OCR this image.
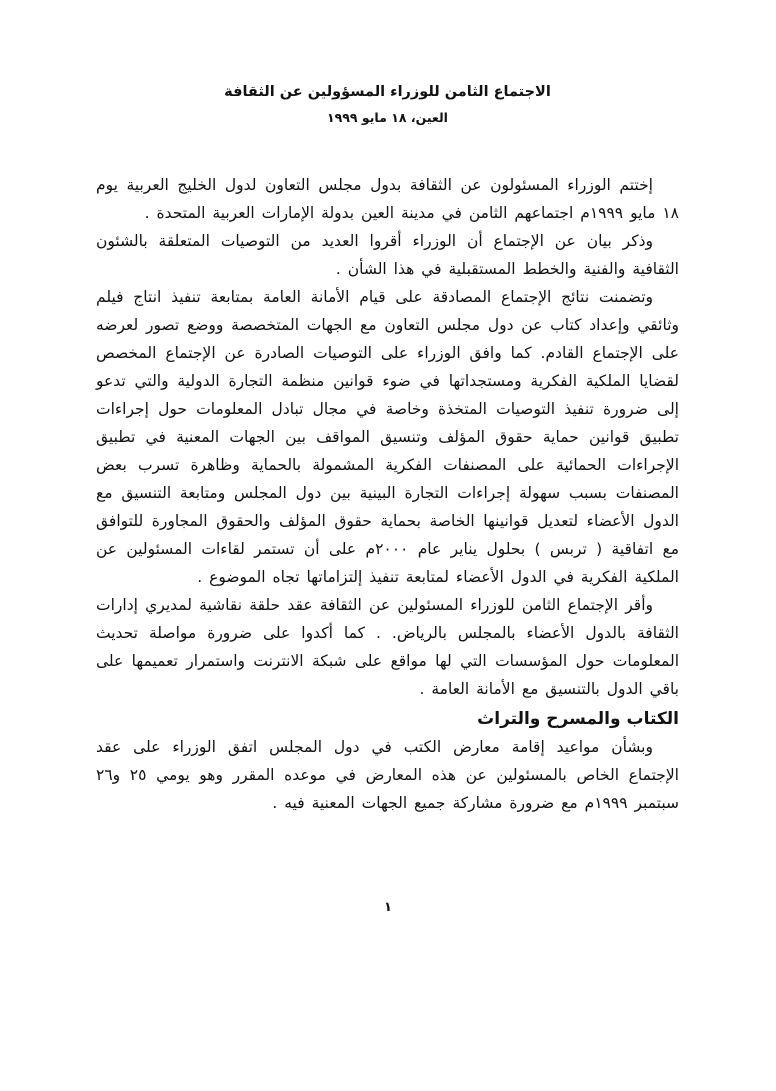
الاجتماع الثامن للوزراء المسؤولين عن الثقافة
العين، ١٨ مايو ١٩٩٩

إختتم الوزراء المسئولون عن الثقافة بدول مجلس التعاون لدول الخليج العربية يوم ١٨ مايو ١٩٩٩م اجتماعهم الثامن في مدينة العين بدولة الإمارات العربية المتحدة .

وذكر بيان عن الإجتماع أن الوزراء أقروا العديد من التوصيات المتعلقة بالشئون الثقافية والفنية والخطط المستقبلية في هذا الشأن .

وتضمنت نتائج الإجتماع المصادقة على قيام الأمانة العامة بمتابعة تنفيذ انتاج فيلم وثائقي وإعداد كتاب عن دول مجلس التعاون مع الجهات المتخصصة ووضع تصور لعرضه على الإجتماع القادم. كما وافق الوزراء على التوصيات الصادرة عن الإجتماع المخصص لقضايا الملكية الفكرية ومستجداتها في ضوء قوانين منظمة التجارة الدولية والتي تدعو إلى ضرورة تنفيذ التوصيات المتخذة وخاصة في مجال تبادل المعلومات حول إجراءات تطبيق قوانين حماية حقوق المؤلف وتنسيق المواقف بين الجهات المعنية في تطبيق الإجراءات الحمائية على المصنفات الفكرية المشمولة بالحماية وظاهرة تسرب بعض المصنفات بسبب سهولة إجراءات التجارة البينية بين دول المجلس ومتابعة التنسيق مع الدول الأعضاء لتعديل قوانينها الخاصة بحماية حقوق المؤلف والحقوق المجاورة للتوافق مع اتفاقية ( تربس ) بحلول يناير عام ٢٠٠٠م على أن تستمر لقاءات المسئولين عن الملكية الفكرية في الدول الأعضاء لمتابعة تنفيذ إلتزاماتها تجاه الموضوع .

وأقر الإجتماع الثامن للوزراء المسئولين عن الثقافة عقد حلقة نقاشية لمديري إدارات الثقافة بالدول الأعضاء بالمجلس بالرياض. . كما أكدوا على ضرورة مواصلة تحديث المعلومات حول المؤسسات التي لها مواقع على شبكة الانترنت واستمرار تعميمها على باقي الدول بالتنسيق مع الأمانة العامة .

الكتاب والمسرح والتراث

وبشأن مواعيد إقامة معارض الكتب في دول المجلس اتفق الوزراء على عقد الإجتماع الخاص بالمسئولين عن هذه المعارض في موعده المقرر وهو يومي ٢٥ و٢٦ سبتمبر ١٩٩٩م مع ضرورة مشاركة جميع الجهات المعنية فيه .

١
